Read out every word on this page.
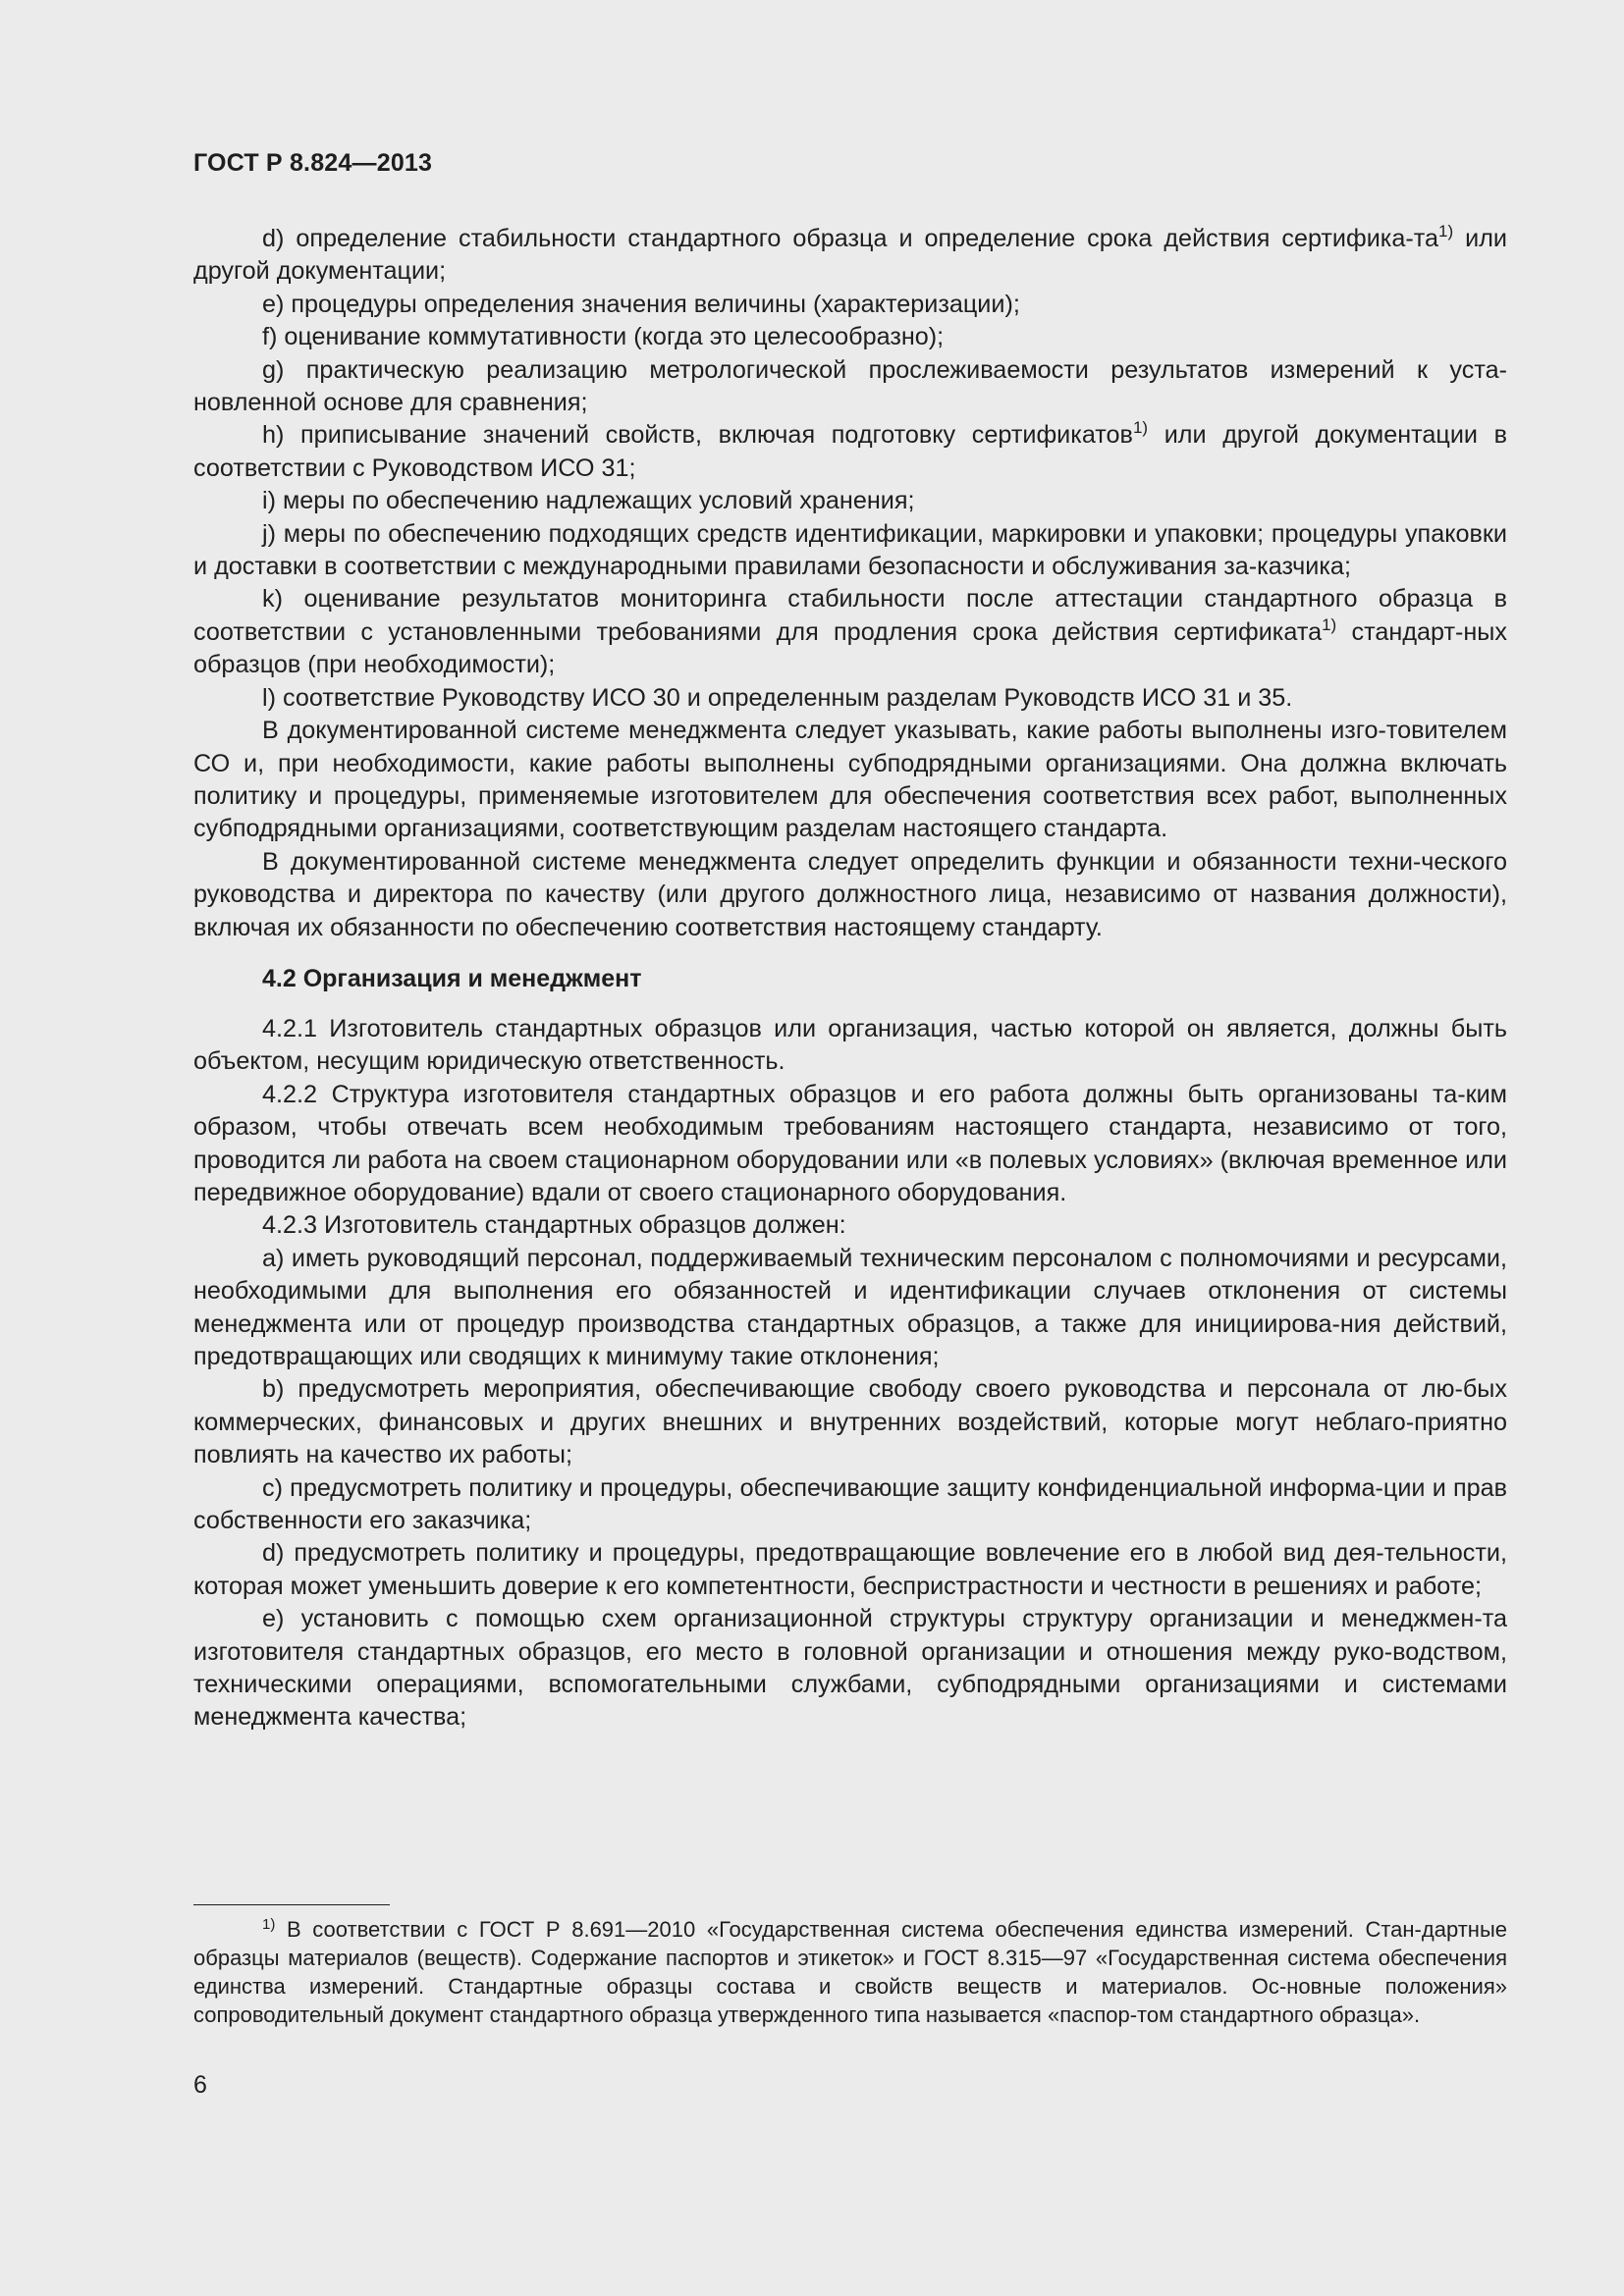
ГОСТ Р 8.824—2013

d) определение стабильности стандартного образца и определение срока действия сертифика-$та^{1)}$ или другой документации;

e) процедуры определения значения величины (характеризации);

f) оценивание коммутативности (когда это целесообразно);

g) практическую реализацию метрологической прослеживаемости результатов измерений к уста-новленной основе для сравнения;

h) приписывание значений свойств, включая подготовку сертификатов$^{1)}$ или другой документации в соответствии с Руководством ИСО 31;

i) меры по обеспечению надлежащих условий хранения;

j) меры по обеспечению подходящих средств идентификации, маркировки и упаковки; процедуры упаковки и доставки в соответствии с международными правилами безопасности и обслуживания за-казчика;

k) оценивание результатов мониторинга стабильности после аттестации стандартного образца в соответствии с установленными требованиями для продления срока действия сертификата$^{1)}$ стандарт-ных образцов (при необходимости);

l) соответствие Руководству ИСО 30 и определенным разделам Руководств ИСО 31 и 35.

В документированной системе менеджмента следует указывать, какие работы выполнены изго-товителем СО и, при необходимости, какие работы выполнены субподрядными организациями. Она должна включать политику и процедуры, применяемые изготовителем для обеспечения соответствия всех работ, выполненных субподрядными организациями, соответствующим разделам настоящего стандарта.

В документированной системе менеджмента следует определить функции и обязанности техни-ческого руководства и директора по качеству (или другого должностного лица, независимо от названия должности), включая их обязанности по обеспечению соответствия настоящему стандарту.

4.2 Организация и менеджмент

4.2.1 Изготовитель стандартных образцов или организация, частью которой он является, должны быть объектом, несущим юридическую ответственность.

4.2.2 Структура изготовителя стандартных образцов и его работа должны быть организованы та-ким образом, чтобы отвечать всем необходимым требованиям настоящего стандарта, независимо от того, проводится ли работа на своем стационарном оборудовании или «в полевых условиях» (включая временное или передвижное оборудование) вдали от своего стационарного оборудования.

4.2.3 Изготовитель стандартных образцов должен:

a) иметь руководящий персонал, поддерживаемый техническим персоналом с полномочиями и ресурсами, необходимыми для выполнения его обязанностей и идентификации случаев отклонения от системы менеджмента или от процедур производства стандартных образцов, а также для инициирова-ния действий, предотвращающих или сводящих к минимуму такие отклонения;

b) предусмотреть мероприятия, обеспечивающие свободу своего руководства и персонала от лю-бых коммерческих, финансовых и других внешних и внутренних воздействий, которые могут неблаго-приятно повлиять на качество их работы;

c) предусмотреть политику и процедуры, обеспечивающие защиту конфиденциальной информа-ции и прав собственности его заказчика;

d) предусмотреть политику и процедуры, предотвращающие вовлечение его в любой вид дея-тельности, которая может уменьшить доверие к его компетентности, беспристрастности и честности в решениях и работе;

e) установить с помощью схем организационной структуры структуру организации и менеджмен-та изготовителя стандартных образцов, его место в головной организации и отношения между руко-водством, техническими операциями, вспомогательными службами, субподрядными организациями и системами менеджмента качества;

$^{1)}$ В соответствии с ГОСТ Р 8.691—2010 «Государственная система обеспечения единства измерений. Стан-дартные образцы материалов (веществ). Содержание паспортов и этикеток» и ГОСТ 8.315—97 «Государственная система обеспечения единства измерений. Стандартные образцы состава и свойств веществ и материалов. Ос-новные положения» сопроводительный документ стандартного образца утвержденного типа называется «паспор-том стандартного образца».

6
